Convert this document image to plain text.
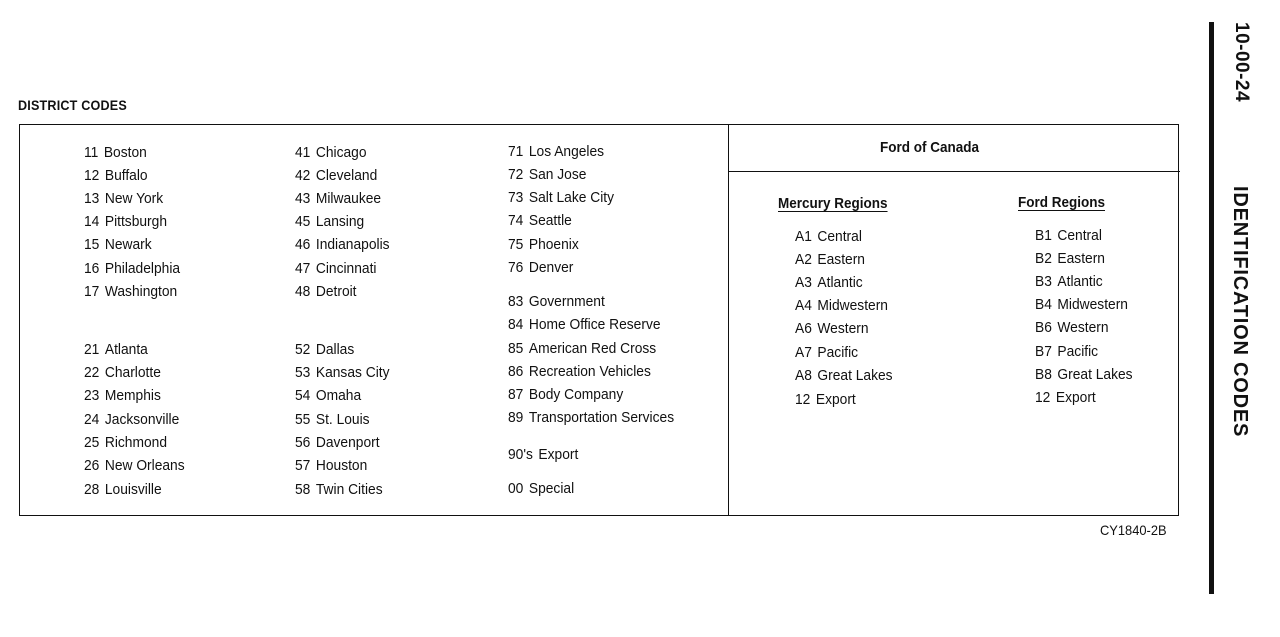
10-00-24
IDENTIFICATION CODES
DISTRICT CODES
11 Boston
12 Buffalo
13 New York
14 Pittsburgh
15 Newark
16 Philadelphia
17 Washington
21 Atlanta
22 Charlotte
23 Memphis
24 Jacksonville
25 Richmond
26 New Orleans
28 Louisville
41 Chicago
42 Cleveland
43 Milwaukee
45 Lansing
46 Indianapolis
47 Cincinnati
48 Detroit
52 Dallas
53 Kansas City
54 Omaha
55 St. Louis
56 Davenport
57 Houston
58 Twin Cities
71 Los Angeles
72 San Jose
73 Salt Lake City
74 Seattle
75 Phoenix
76 Denver
83 Government
84 Home Office Reserve
85 American Red Cross
86 Recreation Vehicles
87 Body Company
89 Transportation Services
90's Export
00 Special
Ford of Canada
Mercury Regions	Ford Regions
A1 Central
A2 Eastern
A3 Atlantic
A4 Midwestern
A6 Western
A7 Pacific
A8 Great Lakes
12 Export
B1 Central
B2 Eastern
B3 Atlantic
B4 Midwestern
B6 Western
B7 Pacific
B8 Great Lakes
12 Export
CY1840-2B
